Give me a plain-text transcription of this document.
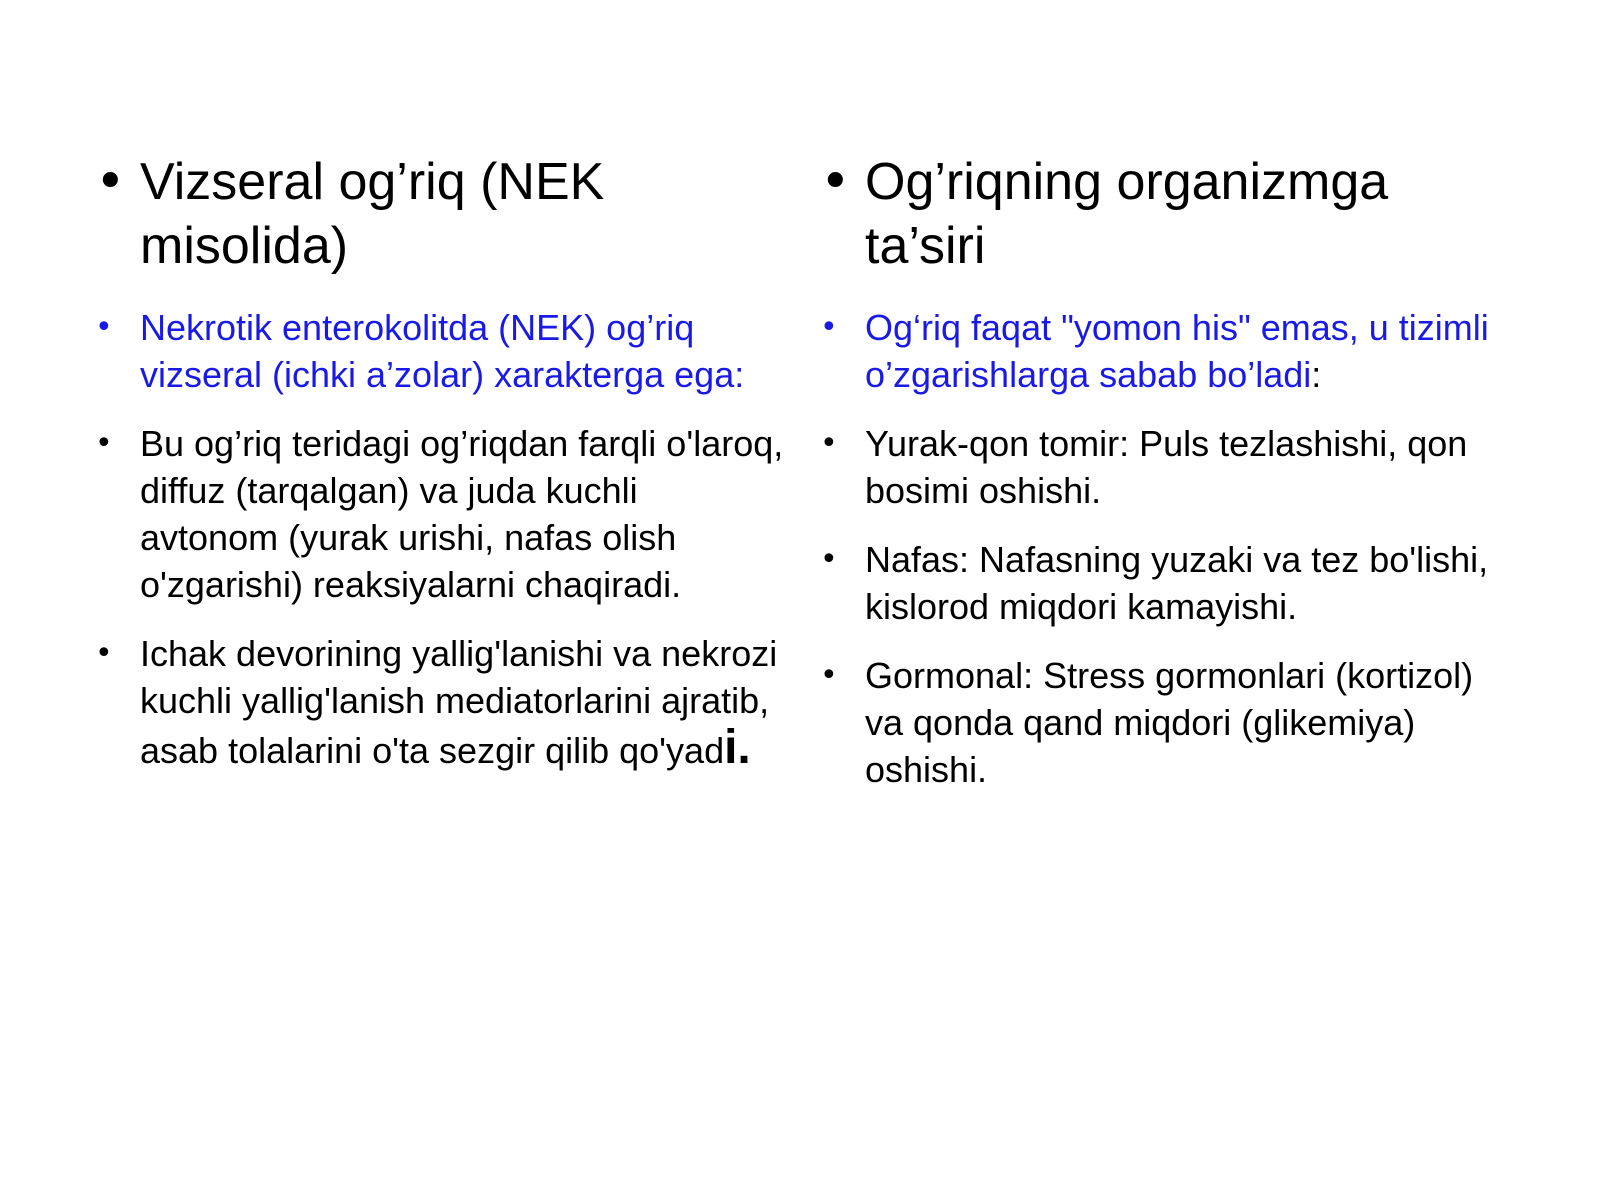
• Vizseral og’riq (NEK misolida)
• Nekrotik enterokolitda (NEK) og’riq vizseral (ichki a’zolar) xarakterga ega:
• Bu og’riq teridagi og’riqdan farqli o'laroq, diffuz (tarqalgan) va juda kuchli avtonom (yurak urishi, nafas olish o'zgarishi) reaksiyalarni chaqiradi.
• Ichak devorining yallig'lanishi va nekrozi kuchli yallig'lanish mediatorlarini ajratib, asab tolalarini o'ta sezgir qilib qo'yadi.
• Og’riqning organizmga ta’siri
• Og‘riq faqat "yomon his" emas, u tizimli o’zgarishlarga sabab bo’ladi:
• Yurak-qon tomir: Puls tezlashishi, qon bosimi oshishi.
• Nafas: Nafasning yuzaki va tez bo'lishi, kislorod miqdori kamayishi.
• Gormonal: Stress gormonlari (kortizol) va qonda qand miqdori (glikemiya) oshishi.
